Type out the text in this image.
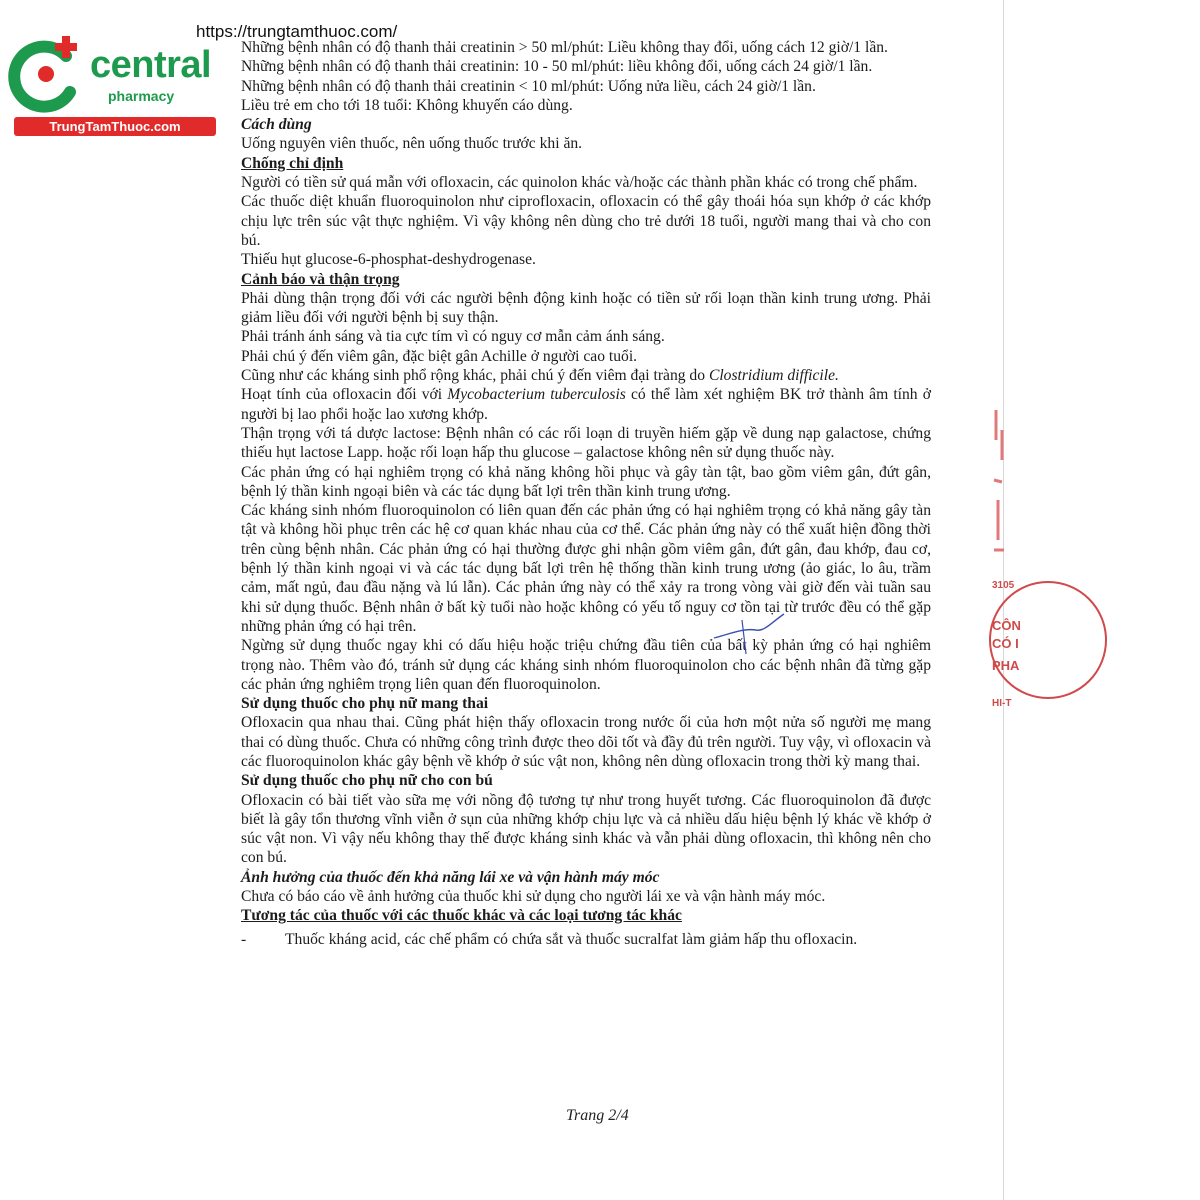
3105
CÔN
CÓ I
PHA
HI-T
https://trungtamthuoc.com/
central
pharmacy
TrungTamThuoc.com

Những bệnh nhân có độ thanh thải creatinin > 50 ml/phút: Liều không thay đổi, uống cách 12 giờ/1 lần.

Những bệnh nhân có độ thanh thải creatinin: 10 - 50 ml/phút: liều không đổi, uống cách 24 giờ/1 lần.

Những bệnh nhân có độ thanh thải creatinin < 10 ml/phút: Uống nửa liều, cách 24 giờ/1 lần.

Liều trẻ em cho tới 18 tuổi: Không khuyến cáo dùng.

Cách dùng

Uống nguyên viên thuốc, nên uống thuốc trước khi ăn.

Chống chỉ định

Người có tiền sử quá mẫn với ofloxacin, các quinolon khác và/hoặc các thành phần khác có trong chế phẩm.

Các thuốc diệt khuẩn fluoroquinolon như ciprofloxacin, ofloxacin có thể gây thoái hóa sụn khớp ở các khớp chịu lực trên súc vật thực nghiệm. Vì vậy không nên dùng cho trẻ dưới 18 tuổi, người mang thai và cho con bú.

Thiếu hụt glucose-6-phosphat-deshydrogenase.

Cảnh báo và thận trọng

Phải dùng thận trọng đối với các người bệnh động kinh hoặc có tiền sử rối loạn thần kinh trung ương. Phải giảm liều đối với người bệnh bị suy thận.

Phải tránh ánh sáng và tia cực tím vì có nguy cơ mẫn cảm ánh sáng.

Phải chú ý đến viêm gân, đặc biệt gân Achille ở người cao tuổi.

Cũng như các kháng sinh phổ rộng khác, phải chú ý đến viêm đại tràng do Clostridium difficile.

Hoạt tính của ofloxacin đối với Mycobacterium tuberculosis có thể làm xét nghiệm BK trở thành âm tính ở người bị lao phổi hoặc lao xương khớp.

Thận trọng với tá dược lactose: Bệnh nhân có các rối loạn di truyền hiếm gặp về dung nạp galactose, chứng thiếu hụt lactose Lapp. hoặc rối loạn hấp thu glucose – galactose không nên sử dụng thuốc này.

Các phản ứng có hại nghiêm trọng có khả năng không hồi phục và gây tàn tật, bao gồm viêm gân, đứt gân, bệnh lý thần kinh ngoại biên và các tác dụng bất lợi trên thần kinh trung ương.

Các kháng sinh nhóm fluoroquinolon có liên quan đến các phản ứng có hại nghiêm trọng có khả năng gây tàn tật và không hồi phục trên các hệ cơ quan khác nhau của cơ thể. Các phản ứng này có thể xuất hiện đồng thời trên cùng bệnh nhân. Các phản ứng có hại thường được ghi nhận gồm viêm gân, đứt gân, đau khớp, đau cơ, bệnh lý thần kinh ngoại vi và các tác dụng bất lợi trên hệ thống thần kinh trung ương (ảo giác, lo âu, trầm cảm, mất ngủ, đau đầu nặng và lú lẫn). Các phản ứng này có thể xảy ra trong vòng vài giờ đến vài tuần sau khi sử dụng thuốc. Bệnh nhân ở bất kỳ tuổi nào hoặc không có yếu tố nguy cơ tồn tại từ trước đều có thể gặp những phản ứng có hại trên.

Ngừng sử dụng thuốc ngay khi có dấu hiệu hoặc triệu chứng đầu tiên của bất kỳ phản ứng có hại nghiêm trọng nào. Thêm vào đó, tránh sử dụng các kháng sinh nhóm fluoroquinolon cho các bệnh nhân đã từng gặp các phản ứng nghiêm trọng liên quan đến fluoroquinolon.

Sử dụng thuốc cho phụ nữ mang thai

Ofloxacin qua nhau thai. Cũng phát hiện thấy ofloxacin trong nước ối của hơn một nửa số người mẹ mang thai có dùng thuốc. Chưa có những công trình được theo dõi tốt và đầy đủ trên người. Tuy vậy, vì ofloxacin và các fluoroquinolon khác gây bệnh về khớp ở súc vật non, không nên dùng ofloxacin trong thời kỳ mang thai.

Sử dụng thuốc cho phụ nữ cho con bú

Ofloxacin có bài tiết vào sữa mẹ với nồng độ tương tự như trong huyết tương. Các fluoroquinolon đã được biết là gây tổn thương vĩnh viễn ở sụn của những khớp chịu lực và cả nhiều dấu hiệu bệnh lý khác về khớp ở súc vật non. Vì vậy nếu không thay thế được kháng sinh khác và vẫn phải dùng ofloxacin, thì không nên cho con bú.

Ảnh hưởng của thuốc đến khả năng lái xe và vận hành máy móc

Chưa có báo cáo về ảnh hưởng của thuốc khi sử dụng cho người lái xe và vận hành máy móc.

Tương tác của thuốc với các thuốc khác và các loại tương tác khác

- Thuốc kháng acid, các chế phẩm có chứa sắt và thuốc sucralfat làm giảm hấp thu ofloxacin.

Trang 2/4
